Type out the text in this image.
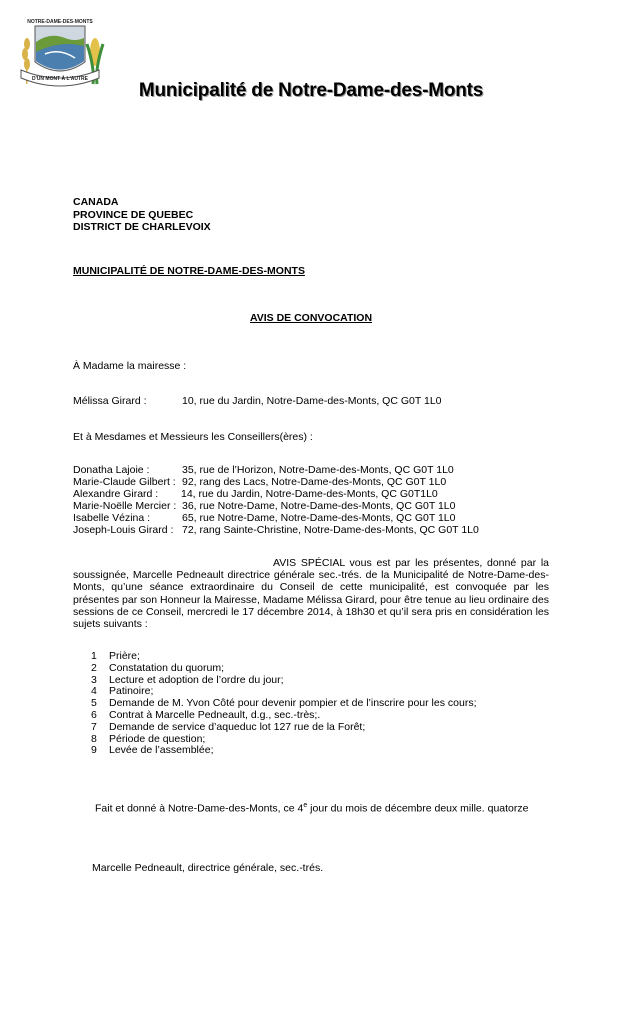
NOTRE-DAME-DES-MONTS
D'UN MONT À L'AUTRE
Municipalité de Notre-Dame-des-Monts
CANADA
PROVINCE DE QUEBEC
DISTRICT DE CHARLEVOIX
MUNICIPALITÉ DE NOTRE-DAME-DES-MONTS
AVIS DE CONVOCATION
À Madame la mairesse :
Mélissa Girard :	10, rue du Jardin, Notre-Dame-des-Monts, QC G0T 1L0
Et à Mesdames et Messieurs les Conseillers(ères) :
Donatha Lajoie :	35, rue de l’Horizon, Notre-Dame-des-Monts, QC G0T 1L0
Marie-Claude Gilbert : 92, rang des Lacs, Notre-Dame-des-Monts, QC G0T 1L0
Alexandre Girard : 14, rue du Jardin, Notre-Dame-des-Monts, QC G0T1L0
Marie-Noëlle Mercier : 36, rue Notre-Dame, Notre-Dame-des-Monts, QC G0T 1L0
Isabelle Vézina :	65, rue Notre-Dame, Notre-Dame-des-Monts, QC G0T 1L0
Joseph-Louis Girard : 72, rang Sainte-Christine, Notre-Dame-des-Monts, QC G0T 1L0
AVIS SPÉCIAL vous est par les présentes, donné par la soussignée, Marcelle Pedneault directrice générale sec.-trés. de la Municipalité de Notre-Dame-des-Monts, qu’une séance extraordinaire du Conseil de cette municipalité, est convoquée par les présentes par son Honneur la Mairesse, Madame Mélissa Girard, pour être tenue au lieu ordinaire des sessions de ce Conseil, mercredi le 17 décembre 2014, à 18h30 et qu’il sera pris en considération les sujets suivants :
1 Prière;
2 Constatation du quorum;
3 Lecture et adoption de l’ordre du jour;
4 Patinoire;
5 Demande de M. Yvon Côté pour devenir pompier et de l’inscrire pour les cours;
6 Contrat à Marcelle Pedneault, d.g., sec.-très;.
7 Demande de service d’aqueduc lot 127 rue de la Forêt;
8 Période de question;
9 Levée de l’assemblée;
Fait et donné à Notre-Dame-des-Monts, ce 4e jour du mois de décembre deux mille. quatorze
Marcelle Pedneault, directrice générale, sec.-trés.
